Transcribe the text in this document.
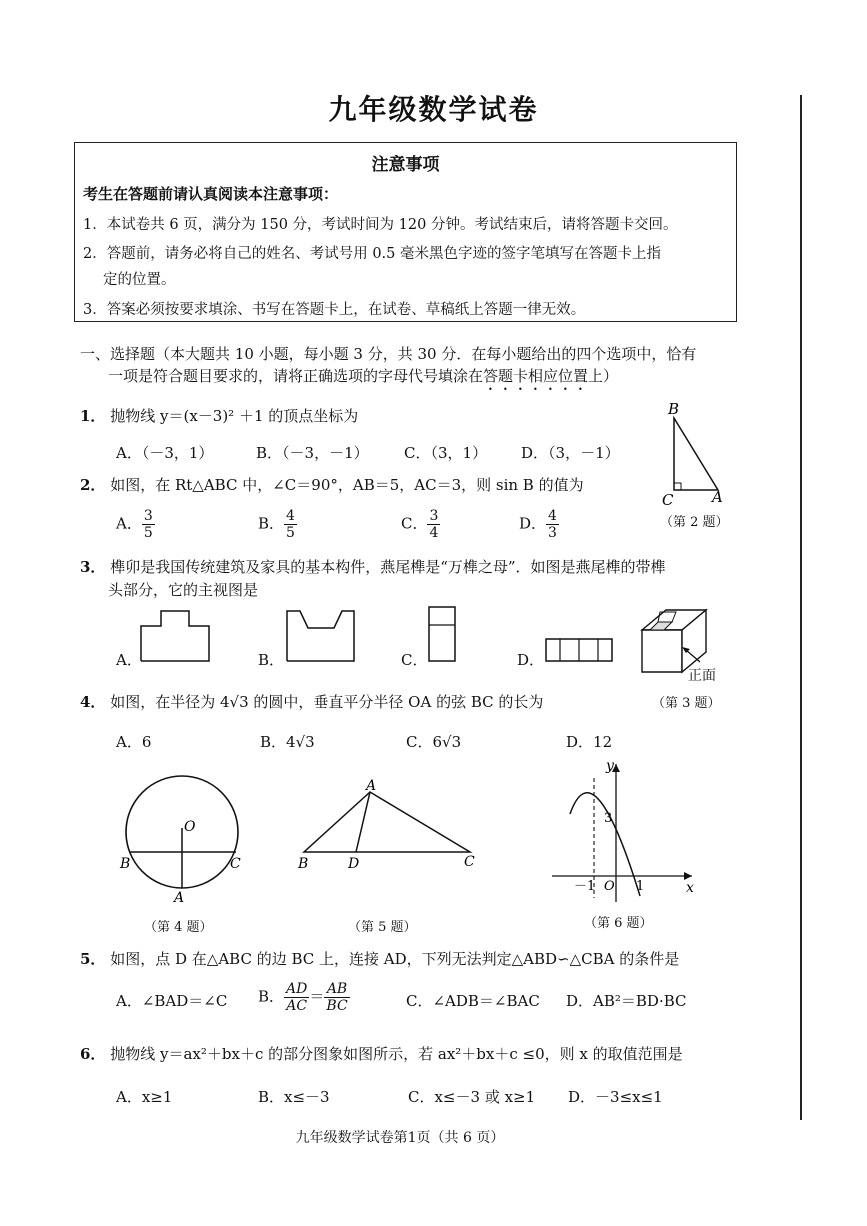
九年级数学试卷
注意事项
考生在答题前请认真阅读本注意事项：
1．本试卷共 6 页，满分为 150 分，考试时间为 120 分钟。考试结束后，请将答题卡交回。
2．答题前，请务必将自己的姓名、考试号用 0.5 毫米黑色字迹的签字笔填写在答题卡上指
定的位置。
3．答案必须按要求填涂、书写在答题卡上，在试卷、草稿纸上答题一律无效。
一、选择题（本大题共 10 小题，每小题 3 分，共 30 分．在每小题给出的四个选项中，恰有
一项是符合题目要求的，请将正确选项的字母代号填涂在答题卡相应位置上）
1． 抛物线 y＝(x－3)² ＋1 的顶点坐标为
A．（－3，1）	B．（－3，－1） C．（3，1） D．（3，－1）
B
C	A
（第 2 题）
2． 如图，在 Rt△ABC 中，∠C＝90°，AB＝5，AC＝3，则 sin B 的值为
A． $\frac{3}{5}$	B． $\frac{4}{5}$	C． $\frac{3}{4}$	D． $\frac{4}{3}$
3． 榫卯是我国传统建筑及家具的基本构件，燕尾榫是“万榫之母”．如图是燕尾榫的带榫
头部分，它的主视图是
A．	B．	C．	D．
正面
（第 3 题）
4． 如图，在半径为 4√3 的圆中，垂直平分半径 OA 的弦 BC 的长为
A．6	B．4√3	C．6√3	D．12
O
B	C
A
（第 4 题）
A
B	D	C
（第 5 题）
y
x
3
－1 O 1
（第 6 题）
5． 如图，点 D 在△ABC 的边 BC 上，连接 AD，下列无法判定△ABD∽△CBA 的条件是
A．∠BAD＝∠C B． $\frac{AD}{AC} = \frac{AB}{BC}$	C．∠ADB＝∠BAC D．AB²＝BD·BC
6． 抛物线 y＝ax²＋bx＋c 的部分图象如图所示，若 ax²＋bx＋c ≤0，则 x 的取值范围是
A．x≥1	B．x≤－3	C．x≤－3 或 x≥1 D．－3≤x≤1
九年级数学试卷第1页（共 6 页）
